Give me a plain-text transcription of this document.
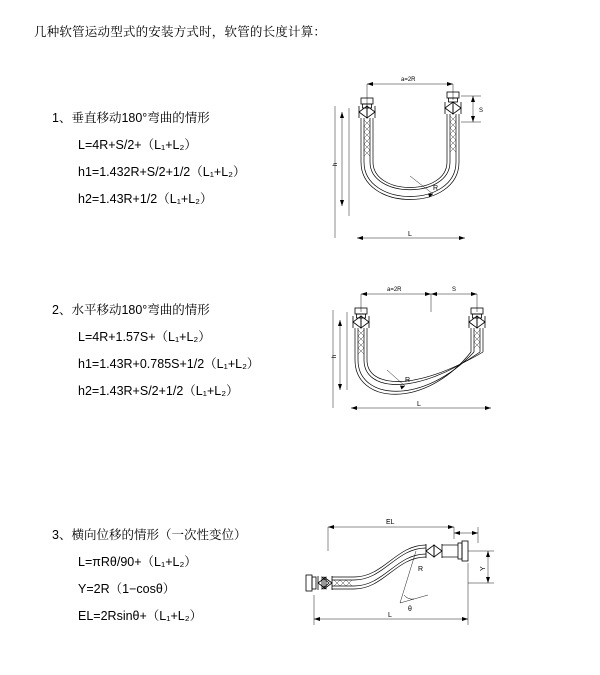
几种软管运动型式的安装方式时，软管的长度计算：
1、垂直移动180°弯曲的情形
L=4R+S/2+（L₁+L₂）
h1=1.432R+S/2+1/2（L₁+L₂）
h2=1.43R+1/2（L₁+L₂）
a=2R
R
h
L
S
2、水平移动180°弯曲的情形
L=4R+1.57S+（L₁+L₂）
h1=1.43R+0.785S+1/2（L₁+L₂）
h2=1.43R+S/2+1/2（L₁+L₂）
a=2R	S
R
h
L
3、横向位移的情形（一次性变位）
L=πRθ/90+（L₁+L₂）
Y=2R（1−cosθ）
EL=2Rsinθ+（L₁+L₂）
EL
Y
θ
R
L
